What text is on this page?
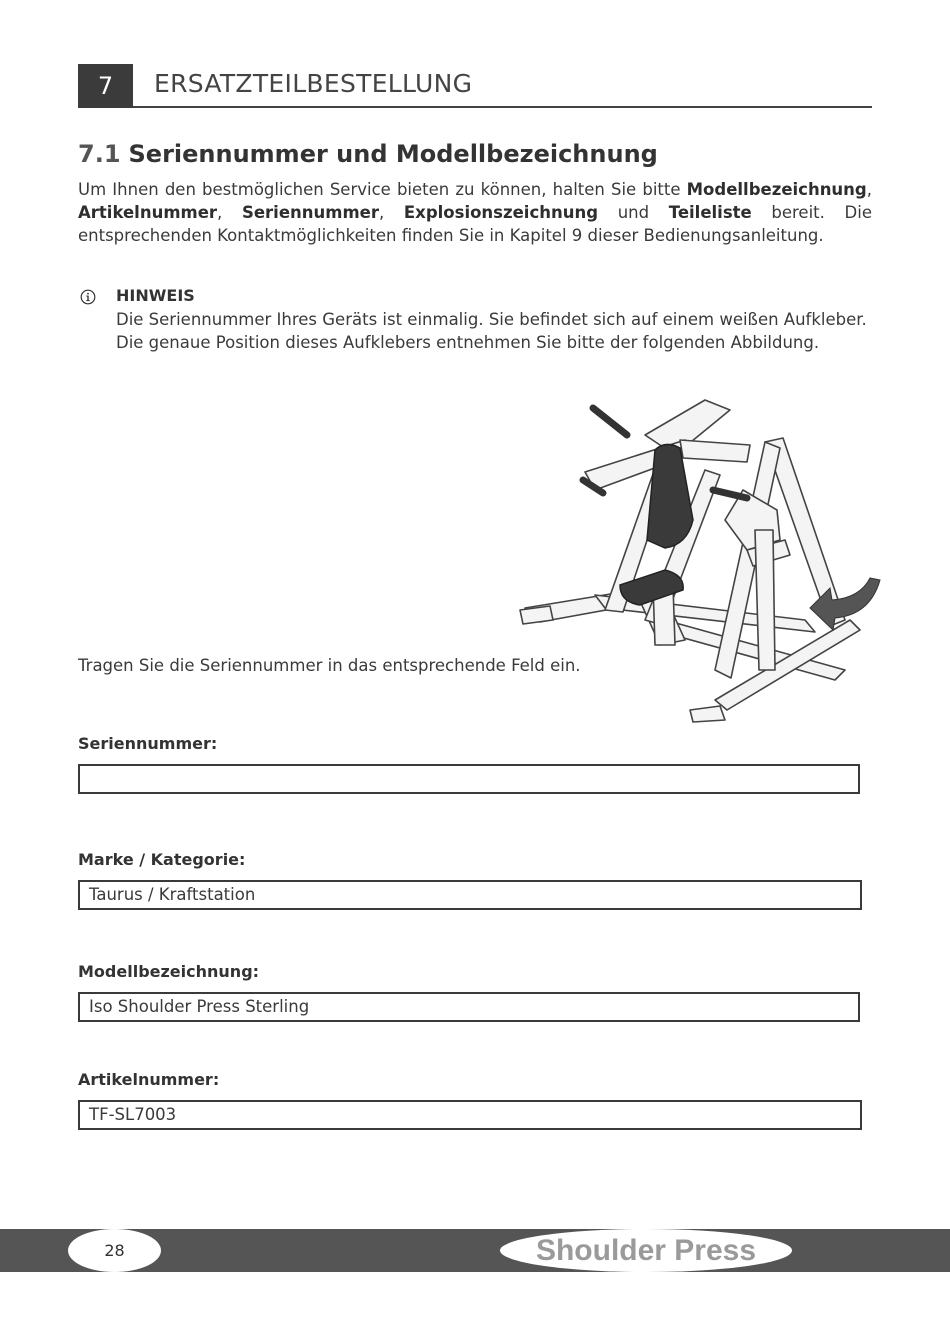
7	ERSATZTEILBESTELLUNG
7.1 Seriennummer und Modellbezeichnung
Um Ihnen den bestmöglichen Service bieten zu können, halten Sie bitte Modellbezeichnung, Artikelnummer, Seriennummer, Explosionszeichnung und Teileliste bereit. Die entsprechenden Kontaktmöglichkeiten finden Sie in Kapitel 9 dieser Bedienungsanleitung.
HINWEIS
Die Seriennummer Ihres Geräts ist einmalig. Sie befindet sich auf einem weißen Aufkleber. Die genaue Position dieses Aufklebers entnehmen Sie bitte der folgenden Abbildung.
Tragen Sie die Seriennummer in das entsprechende Feld ein.
Seriennummer:
Marke / Kategorie:
Taurus / Kraftstation
Modellbezeichnung:
Iso Shoulder Press Sterling
Artikelnummer:
TF-SL7003
28	Shoulder Press
